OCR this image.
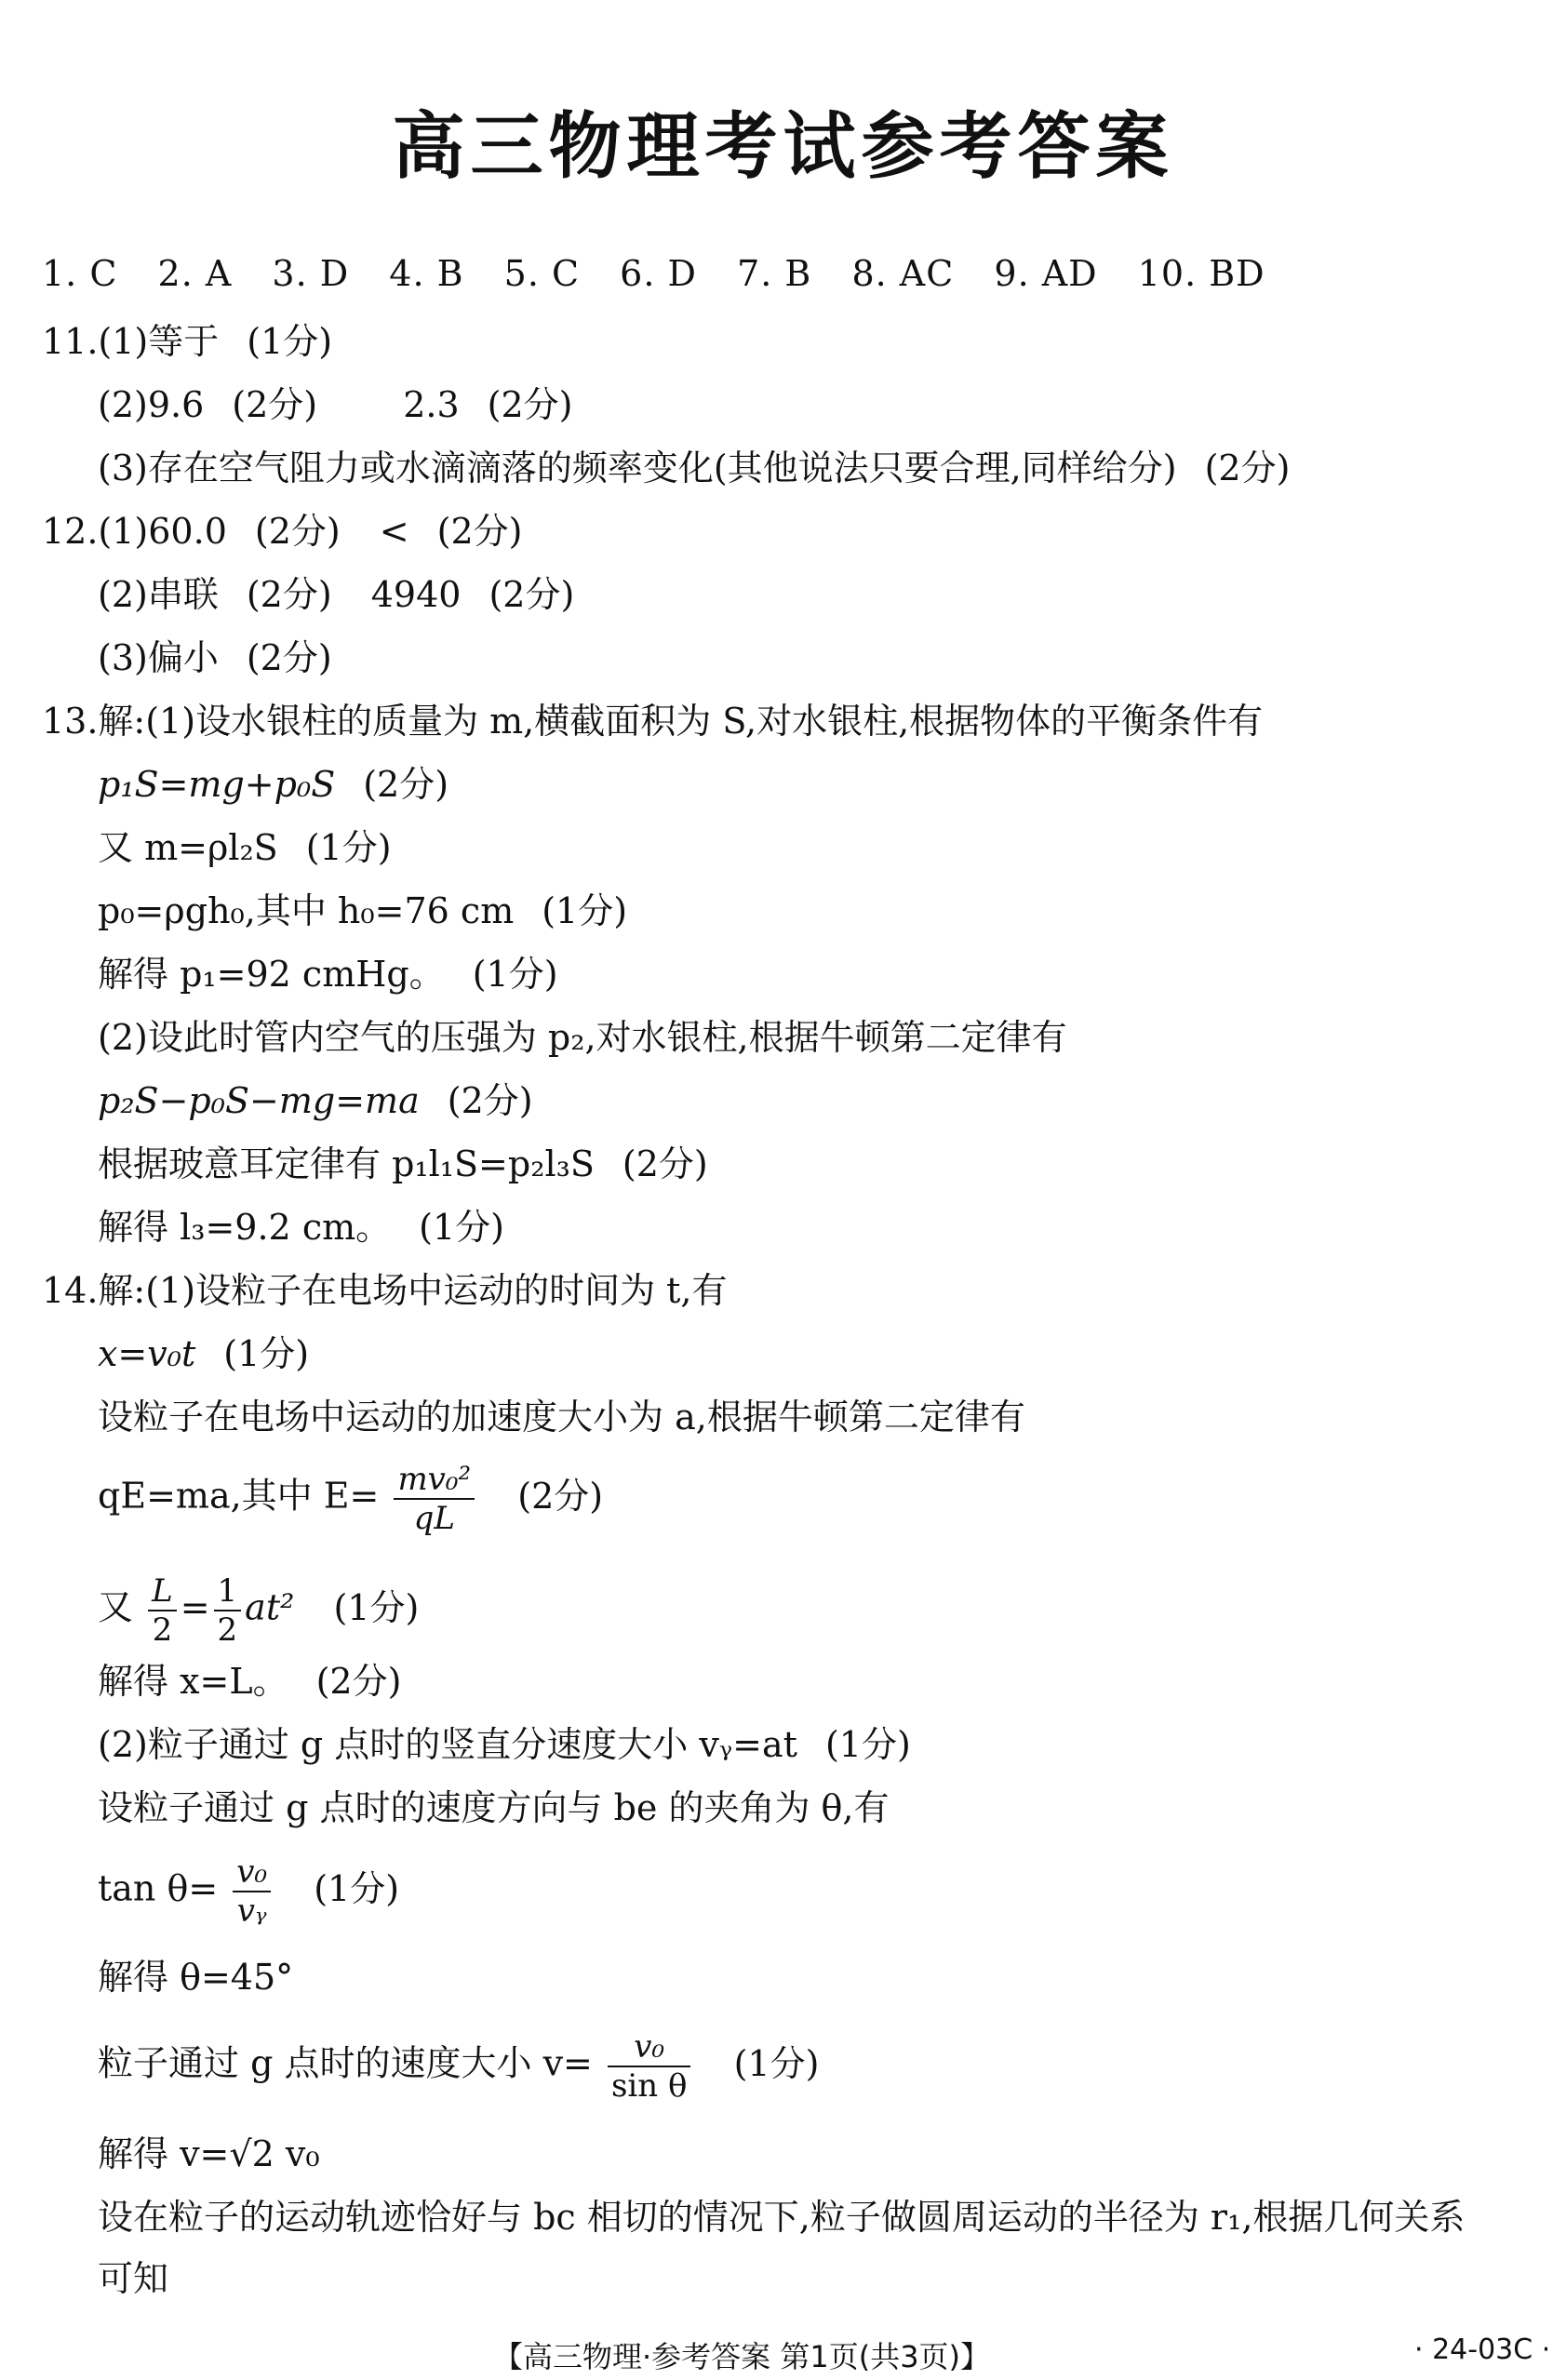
高三物理考试参考答案
1. C 2. A 3. D 4. B 5. C 6. D 7. B 8. AC 9. AD 10. BD
11.(1)等于 (1分)
(2)9.6 (2分) 2.3 (2分)
(3)存在空气阻力或水滴滴落的频率变化(其他说法只要合理,同样给分) (2分)
12.(1)60.0 (2分) < (2分)
(2)串联 (2分) 4940 (2分)
(3)偏小 (2分)
13.解:(1)设水银柱的质量为 m,横截面积为 S,对水银柱,根据物体的平衡条件有
p₁S=mg+p₀S (2分)
又 m=ρl₂S (1分)
p₀=ρgh₀,其中 h₀=76 cm (1分)
解得 p₁=92 cmHg。 (1分)
(2)设此时管内空气的压强为 p₂,对水银柱,根据牛顿第二定律有
p₂S−p₀S−mg=ma (2分)
根据玻意耳定律有 p₁l₁S=p₂l₃S (2分)
解得 l₃=9.2 cm。 (1分)
14.解:(1)设粒子在电场中运动的时间为 t,有
x=v₀t (1分)
设粒子在电场中运动的加速度大小为 a,根据牛顿第二定律有
qE=ma,其中 $E= \frac{\text{mv₀²}}{qL} (2$分)
又 $\frac{L}{2} = \frac{1}{2} at^2$ (1分)
解得 x=L。 (2分)
(2)粒子通过 g 点时的竖直分速度大小 vᵧ=at (1分)
设粒子通过 g 点时的速度方向与 be 的夹角为 θ,有
$\tan \theta= \frac{\text{v₀}}{\text{vᵧ}} (1$分)
解得 θ=45°
粒子通过 g 点时的速度大小 $v= \frac{\text{v₀}}{\text{sin θ}} (1$分)
解得 v=√2 v₀
设在粒子的运动轨迹恰好与 bc 相切的情况下,粒子做圆周运动的半径为 r₁,根据几何关系
可知
【高三物理·参考答案 第1页(共3页)】	· 24-03C ·
